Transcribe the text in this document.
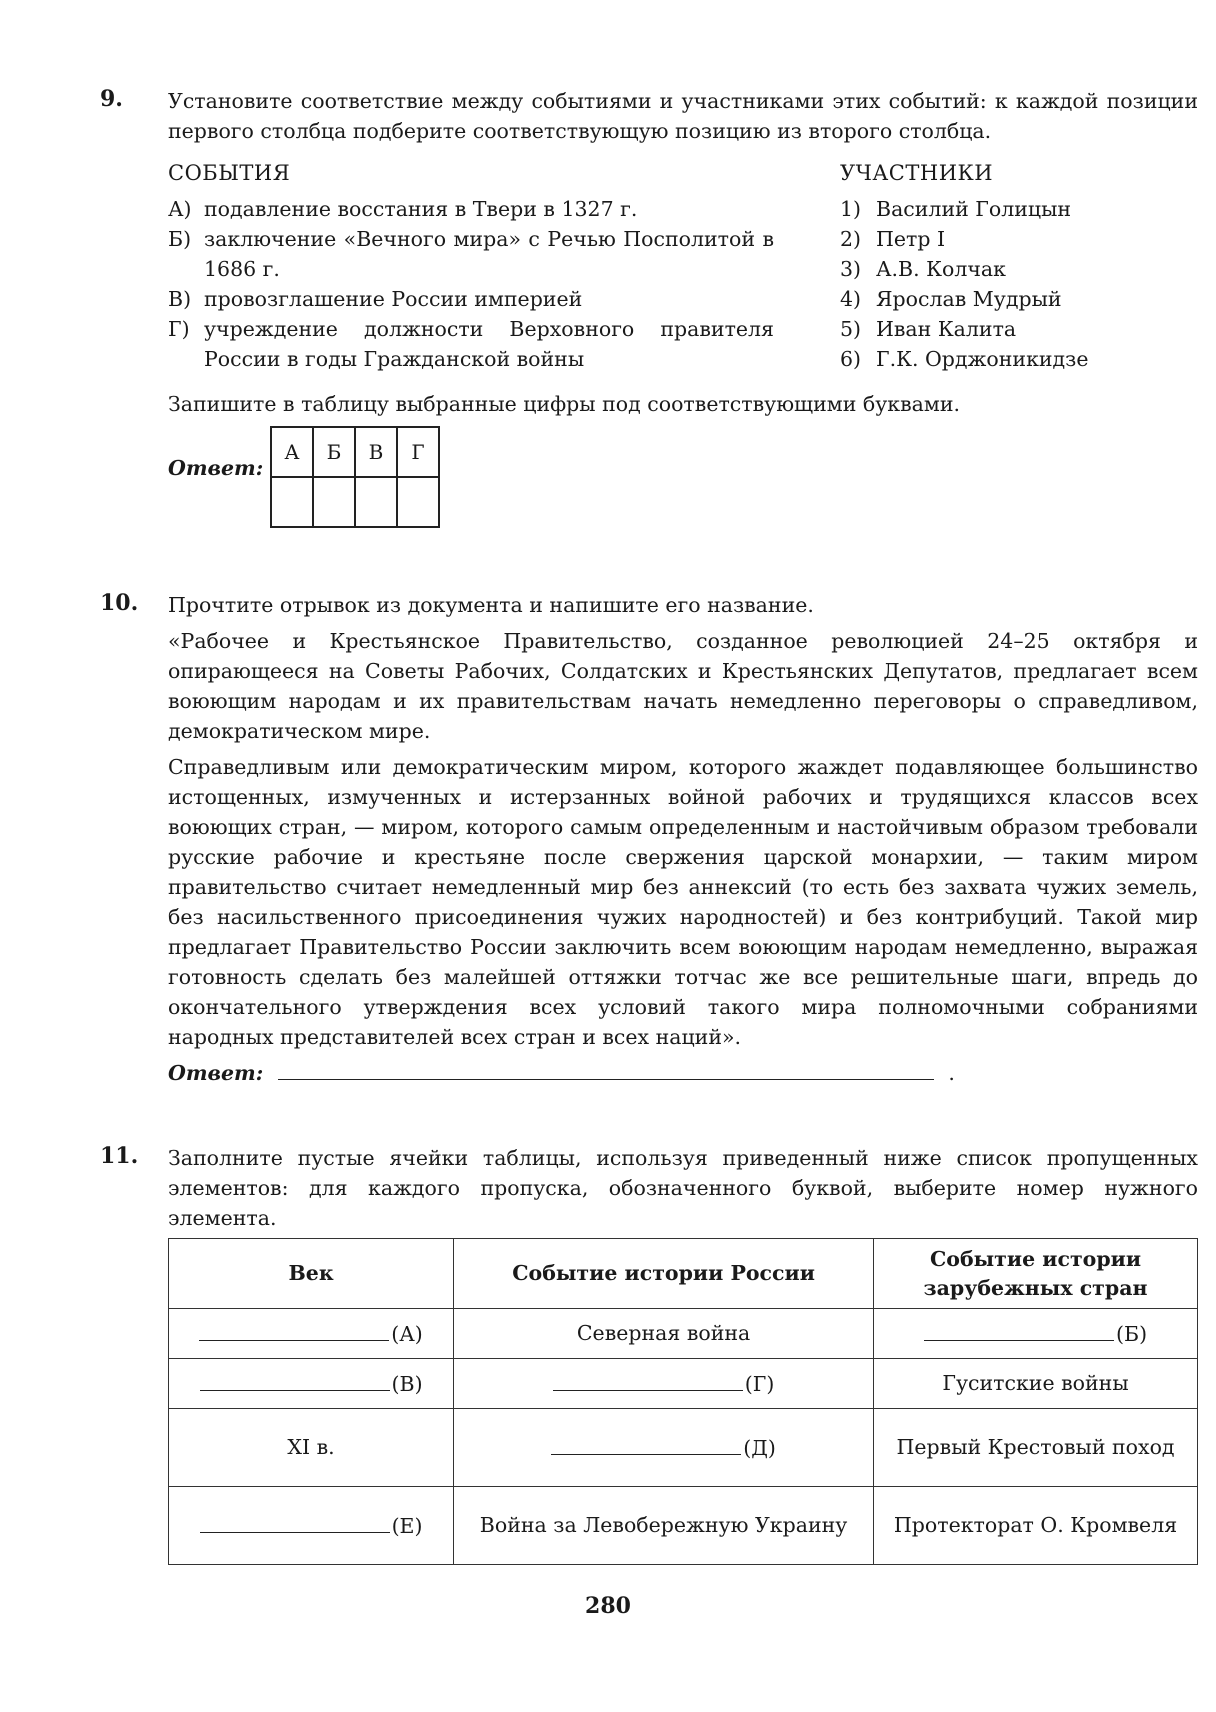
9. Установите соответствие между событиями и участниками этих событий: к каждой позиции первого столбца подберите соответствующую позицию из второго столбца.

СОБЫТИЯ
А) подавление восстания в Твери в 1327 г.
Б) заключение «Вечного мира» с Речью Посполитой в 1686 г.
В) провозглашение России империей
Г) учреждение должности Верховного правителя России в годы Гражданской войны
УЧАСТНИКИ
1) Василий Голицын
2) Петр I
3) А.В. Колчак
4) Ярослав Мудрый
5) Иван Калита
6) Г.К. Орджоникидзе

Запишите в таблицу выбранные цифры под соответствующими буквами.

Ответ:
А	Б	В	Г

10. Прочтите отрывок из документа и напишите его название.

«Рабочее и Крестьянское Правительство, созданное революцией 24–25 октября и опирающееся на Советы Рабочих, Солдатских и Крестьянских Депутатов, предлагает всем воюющим народам и их правительствам начать немедленно переговоры о справедливом, демократическом мире.

Справедливым или демократическим миром, которого жаждет подавляющее большинство истощенных, измученных и истерзанных войной рабочих и трудящихся классов всех воюющих стран, — миром, которого самым определенным и настойчивым образом требовали русские рабочие и крестьяне после свержения царской монархии, — таким миром правительство считает немедленный мир без аннексий (то есть без захвата чужих земель, без насильственного присоединения чужих народностей) и без контрибуций. Такой мир предлагает Правительство России заключить всем воюющим народам немедленно, выражая готовность сделать без малейшей оттяжки тотчас же все решительные шаги, впредь до окончательного утверждения всех условий такого мира полномочными собраниями народных представителей всех стран и всех наций».

Ответ:	.
11. Заполните пустые ячейки таблицы, используя приведенный ниже список пропущенных элементов: для каждого пропуска, обозначенного буквой, выберите номер нужного элемента.

Век	Событие истории России	Событие истории зарубежных стран
(А)	Северная война	(Б)
(В)	(Г)	Гуситские войны
XI в.	(Д)	Первый Крестовый поход
(Е)	Война за Левобережную Украину	Протекторат О. Кромвеля
280
